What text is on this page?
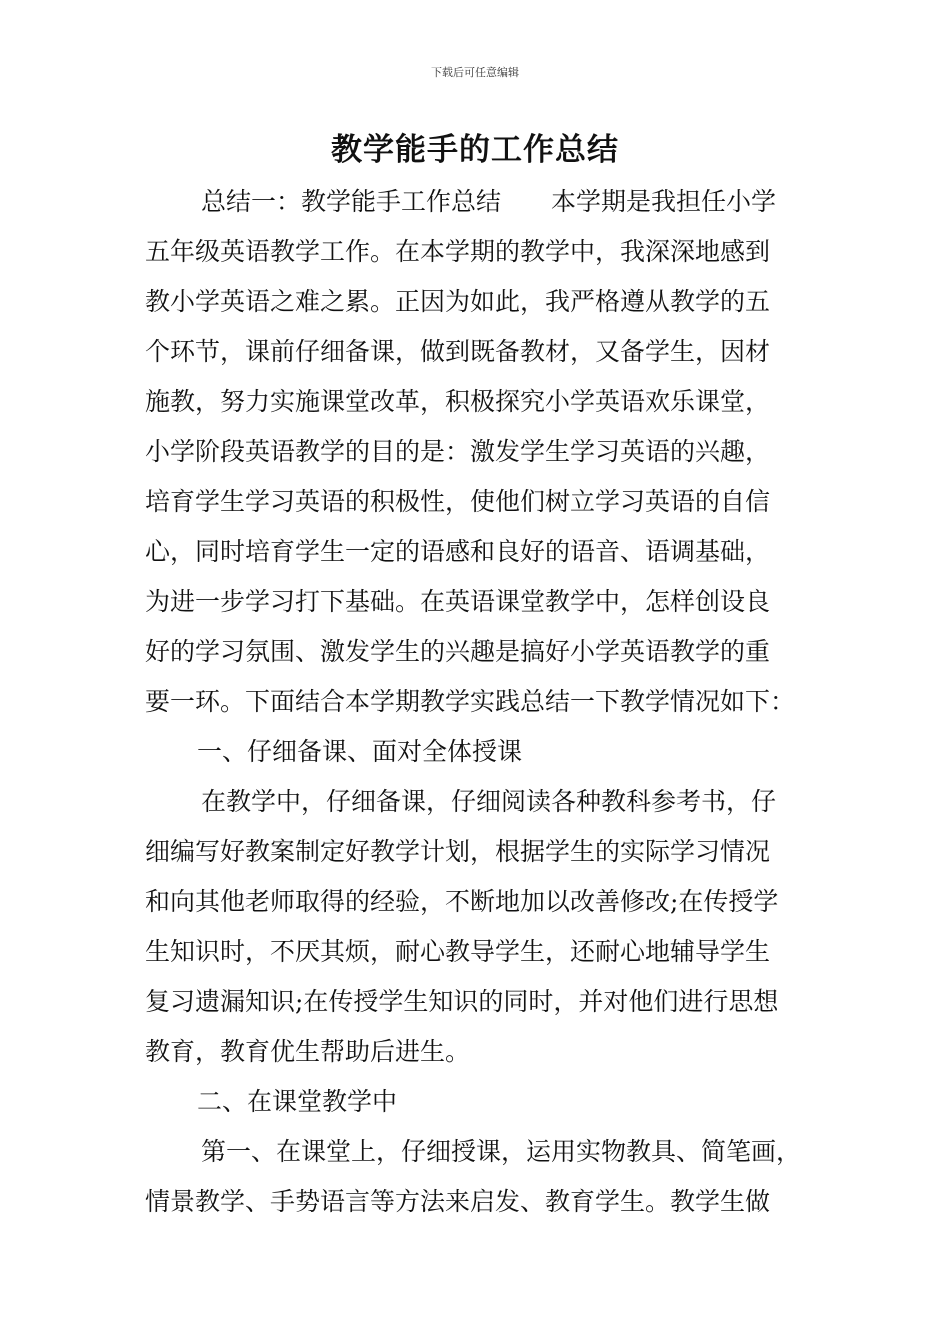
下载后可任意编辑
教学能手的工作总结
总结一：教学能手工作总结　　本学期是我担任小学
五年级英语教学工作。在本学期的教学中，我深深地感到
教小学英语之难之累。正因为如此，我严格遵从教学的五
个环节，课前仔细备课，做到既备教材，又备学生，因材
施教，努力实施课堂改革，积极探究小学英语欢乐课堂，
小学阶段英语教学的目的是：激发学生学习英语的兴趣，
培育学生学习英语的积极性，使他们树立学习英语的自信
心，同时培育学生一定的语感和良好的语音、语调基础，
为进一步学习打下基础。在英语课堂教学中，怎样创设良
好的学习氛围、激发学生的兴趣是搞好小学英语教学的重
要一环。下面结合本学期教学实践总结一下教学情况如下：
一、仔细备课、面对全体授课
在教学中，仔细备课，仔细阅读各种教科参考书，仔
细编写好教案制定好教学计划，根据学生的实际学习情况
和向其他老师取得的经验，不断地加以改善修改;在传授学
生知识时，不厌其烦，耐心教导学生，还耐心地辅导学生
复习遗漏知识;在传授学生知识的同时，并对他们进行思想
教育，教育优生帮助后进生。
二、在课堂教学中
第一、在课堂上，仔细授课，运用实物教具、简笔画，
情景教学、手势语言等方法来启发、教育学生。教学生做
